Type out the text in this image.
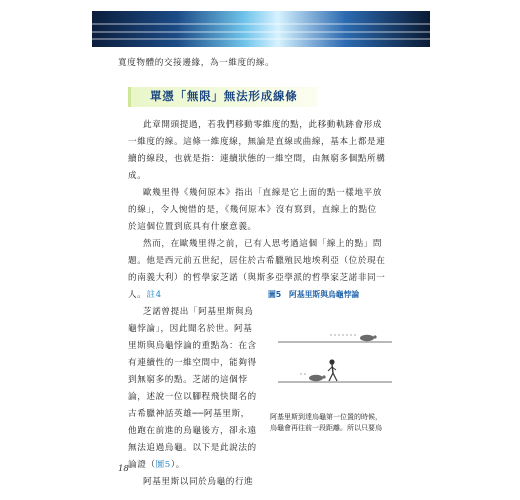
寬度物體的交接邊緣，為一維度的線。
單憑「無限」無法形成線條
此章開頭提過，若我們移動零維度的點，此移動軌跡會形成
一維度的線。這條一維度線，無論是直線或曲線，基本上都是連
續的線段，也就是指：連續狀態的一維空間，由無窮多個點所構
成。
歐幾里得《幾何原本》指出「直線是它上面的點一樣地平放
的線」，令人惋惜的是，《幾何原本》沒有寫到，直線上的點位
於這個位置到底具有什麼意義。
然而，在歐幾里得之前，已有人思考過這個「線上的點」問
題。他是西元前五世紀，居住於古希臘殖民地埃利亞（位於現在
的南義大利）的哲學家芝諾（與斯多亞學派的哲學家芝諾非同一
人。註4
芝諾曾提出「阿基里斯與烏
龜悖論」，因此聞名於世。阿基
里斯與烏龜悖論的重點為：在含
有連續性的一維空間中，能夠得
到無窮多的點。芝諾的這個悖
論，述說一位以腳程飛快聞名的
古希臘神話英雄──阿基里斯，
他跑在前進的烏龜後方，卻永遠
無法追過烏龜。以下是此說法的
圖5　阿基里斯與烏龜悖論
阿基里斯到達烏龜第一位置的時候，
烏龜會再往前一段距離。所以只要烏
論證（圖5）。
18
阿基里斯以同於烏龜的行進
